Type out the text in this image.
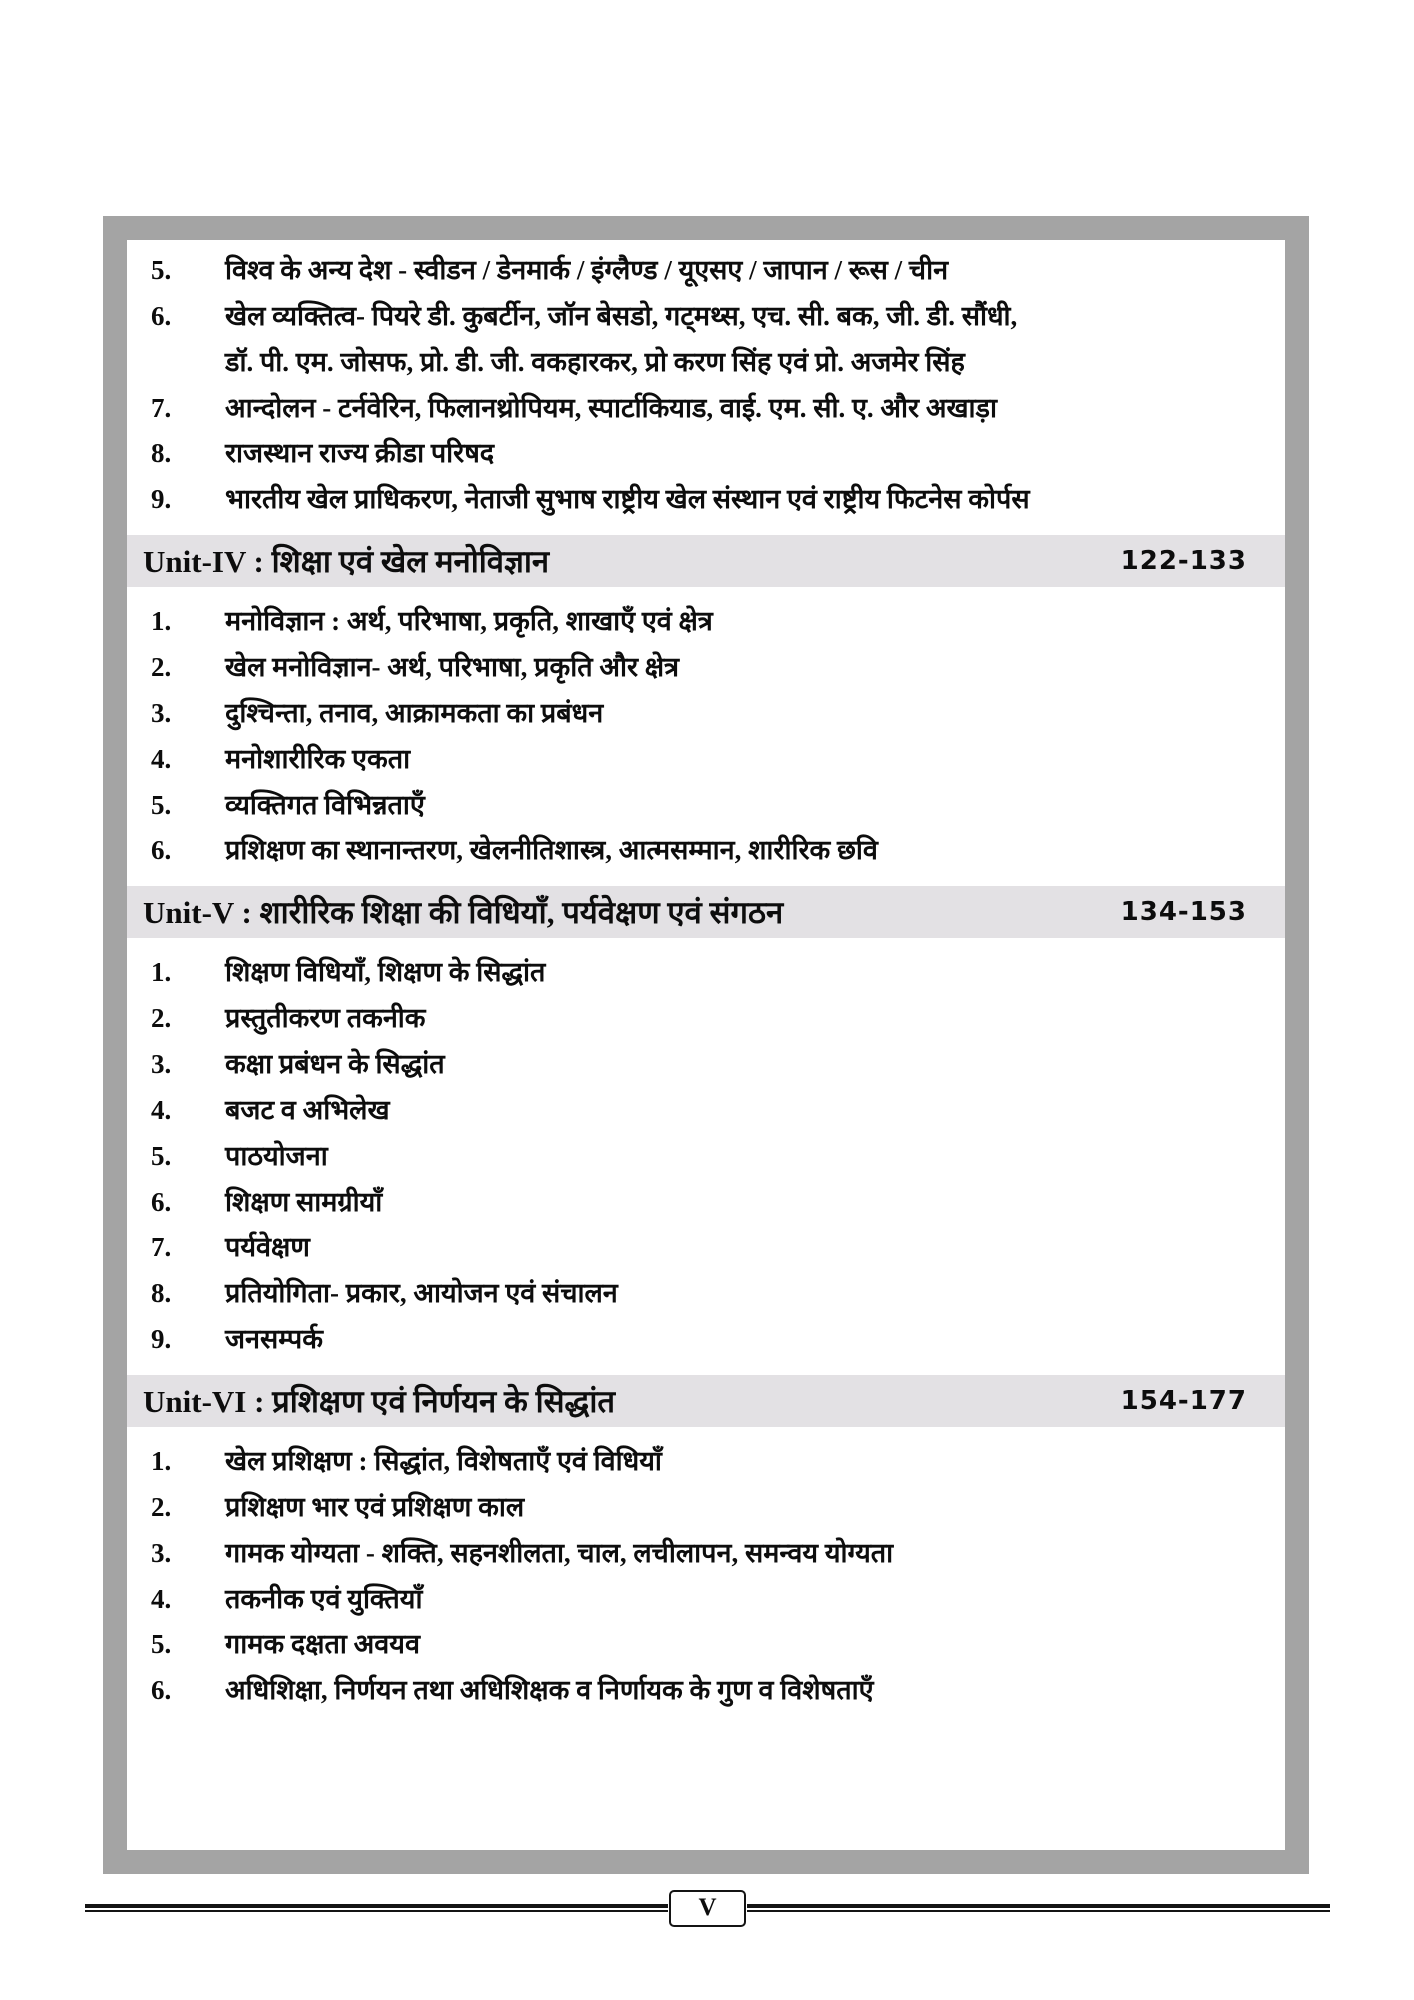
5.	विश्व के अन्य देश - स्वीडन / डेनमार्क / इंग्लैण्ड / यूएसए / जापान / रूस / चीन
6.	खेल व्यक्तित्व- पियरे डी. कुबर्टीन, जॉन बेसडो, गट्मथ्स, एच. सी. बक, जी. डी. सौंधी,
डॉ. पी. एम. जोसफ, प्रो. डी. जी. वकहारकर, प्रो करण सिंह एवं प्रो. अजमेर सिंह
7.	आन्दोलन - टर्नवेरिन, फिलानथ्रोपियम, स्पार्टाकियाड, वाई. एम. सी. ए. और अखाड़ा
8.	राजस्थान राज्य क्रीडा परिषद
9.	भारतीय खेल प्राधिकरण, नेताजी सुभाष राष्ट्रीय खेल संस्थान एवं राष्ट्रीय फिटनेस कोर्पस
Unit-IV : शिक्षा एवं खेल मनोविज्ञान	122-133
1.	मनोविज्ञान : अर्थ, परिभाषा, प्रकृति, शाखाएँ एवं क्षेत्र
2.	खेल मनोविज्ञान- अर्थ, परिभाषा, प्रकृति और क्षेत्र
3.	दुश्चिन्ता, तनाव, आक्रामकता का प्रबंधन
4.	मनोशारीरिक एकता
5.	व्यक्तिगत विभिन्नताएँ
6.	प्रशिक्षण का स्थानान्तरण, खेलनीतिशास्त्र, आत्मसम्मान, शारीरिक छवि
Unit-V : शारीरिक शिक्षा की विधियाँ, पर्यवेक्षण एवं संगठन	134-153
1.	शिक्षण विधियाँ, शिक्षण के सिद्धांत
2.	प्रस्तुतीकरण तकनीक
3.	कक्षा प्रबंधन के सिद्धांत
4.	बजट व अभिलेख
5.	पाठयोजना
6.	शिक्षण सामग्रीयाँ
7.	पर्यवेक्षण
8.	प्रतियोगिता- प्रकार, आयोजन एवं संचालन
9.	जनसम्पर्क
Unit-VI : प्रशिक्षण एवं निर्णयन के सिद्धांत	154-177
1.	खेल प्रशिक्षण : सिद्धांत, विशेषताएँ एवं विधियाँ
2.	प्रशिक्षण भार एवं प्रशिक्षण काल
3.	गामक योग्यता - शक्ति, सहनशीलता, चाल, लचीलापन, समन्वय योग्यता
4.	तकनीक एवं युक्तियाँ
5.	गामक दक्षता अवयव
6.	अधिशिक्षा, निर्णयन तथा अधिशिक्षक व निर्णायक के गुण व विशेषताएँ
V
